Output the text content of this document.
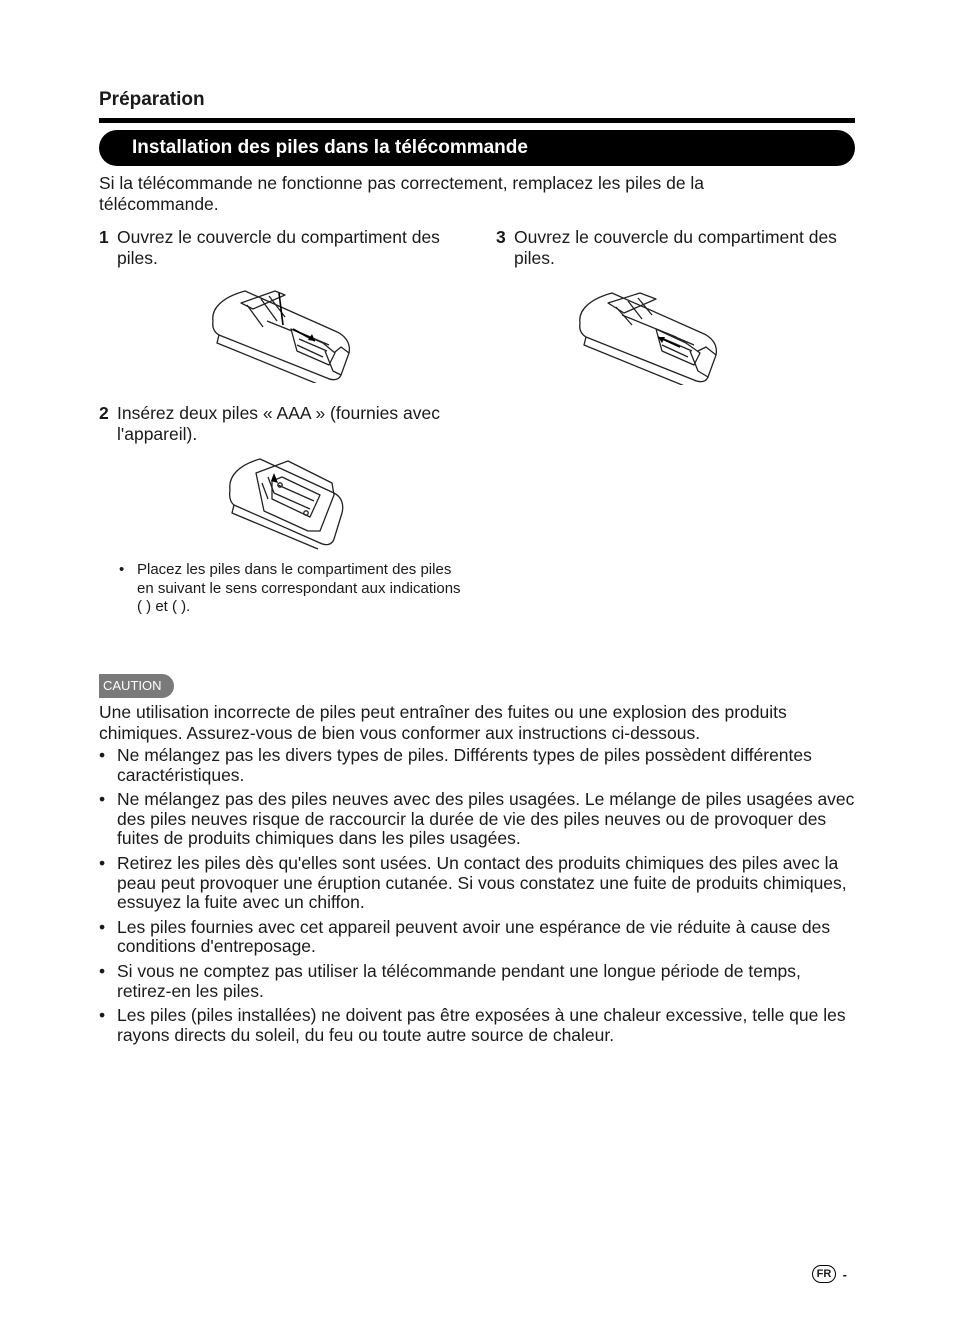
Préparation
Installation des piles dans la télécommande
Si la télécommande ne fonctionne pas correctement, remplacez les piles de la télécommande.
1 Ouvrez le couvercle du compartiment des piles.
2 Insérez deux piles « AAA » (fournies avec l'appareil).
• Placez les piles dans le compartiment des piles en suivant le sens correspondant aux indications ( ) et ( ).
3 Ouvrez le couvercle du compartiment des piles.
CAUTION
Une utilisation incorrecte de piles peut entraîner des fuites ou une explosion des produits chimiques. Assurez-vous de bien vous conformer aux instructions ci-dessous.
• Ne mélangez pas les divers types de piles. Différents types de piles possèdent différentes caractéristiques.
• Ne mélangez pas des piles neuves avec des piles usagées. Le mélange de piles usagées avec des piles neuves risque de raccourcir la durée de vie des piles neuves ou de provoquer des fuites de produits chimiques dans les piles usagées.
• Retirez les piles dès qu'elles sont usées. Un contact des produits chimiques des piles avec la peau peut provoquer une éruption cutanée. Si vous constatez une fuite de produits chimiques, essuyez la fuite avec un chiffon.
• Les piles fournies avec cet appareil peuvent avoir une espérance de vie réduite à cause des conditions d'entreposage.
• Si vous ne comptez pas utiliser la télécommande pendant une longue période de temps, retirez-en les piles.
• Les piles (piles installées) ne doivent pas être exposées à une chaleur excessive, telle que les rayons directs du soleil, du feu ou toute autre source de chaleur.
FR -
